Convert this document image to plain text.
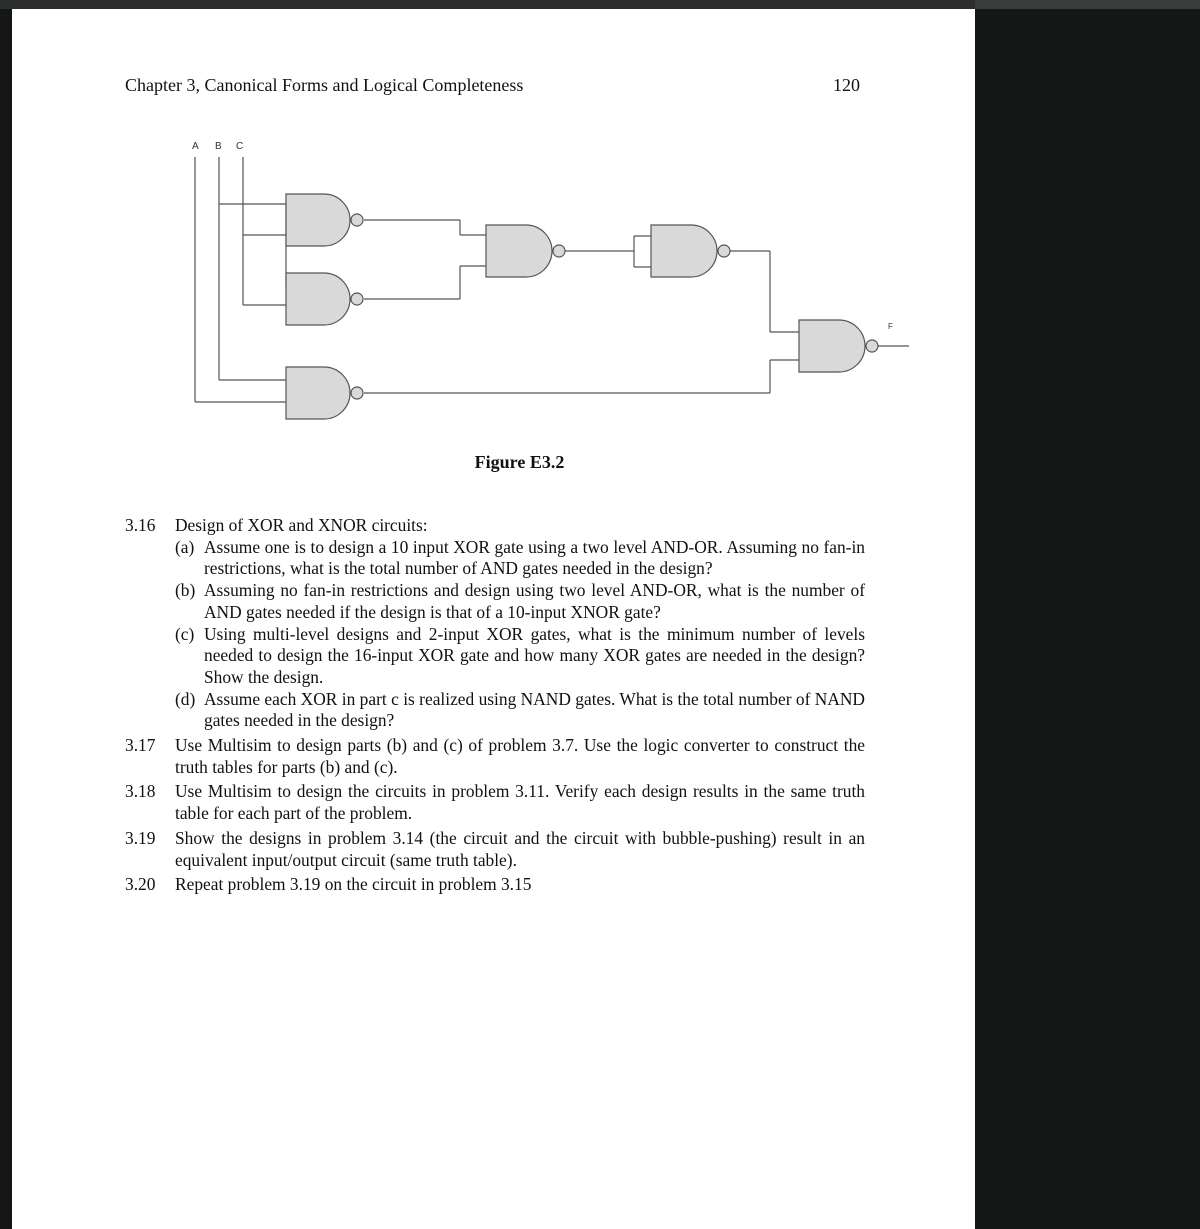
Chapter 3, Canonical Forms and Logical Completeness	120
A B C
F
Figure E3.2
3.16	Design of XOR and XNOR circuits:
(a) Assume one is to design a 10 input XOR gate using a two level AND-OR. Assuming no fan-in restrictions, what is the total number of AND gates needed in the design?
(b) Assuming no fan-in restrictions and design using two level AND-OR, what is the number of AND gates needed if the design is that of a 10-input XNOR gate?
(c) Using multi-level designs and 2-input XOR gates, what is the minimum number of levels needed to design the 16-input XOR gate and how many XOR gates are needed in the design? Show the design.
(d) Assume each XOR in part c is realized using NAND gates. What is the total number of NAND gates needed in the design?
3.17	Use Multisim to design parts (b) and (c) of problem 3.7. Use the logic converter to construct the truth tables for parts (b) and (c).
3.18	Use Multisim to design the circuits in problem 3.11. Verify each design results in the same truth table for each part of the problem.
3.19	Show the designs in problem 3.14 (the circuit and the circuit with bubble-pushing) result in an equivalent input/output circuit (same truth table).
3.20	Repeat problem 3.19 on the circuit in problem 3.15
